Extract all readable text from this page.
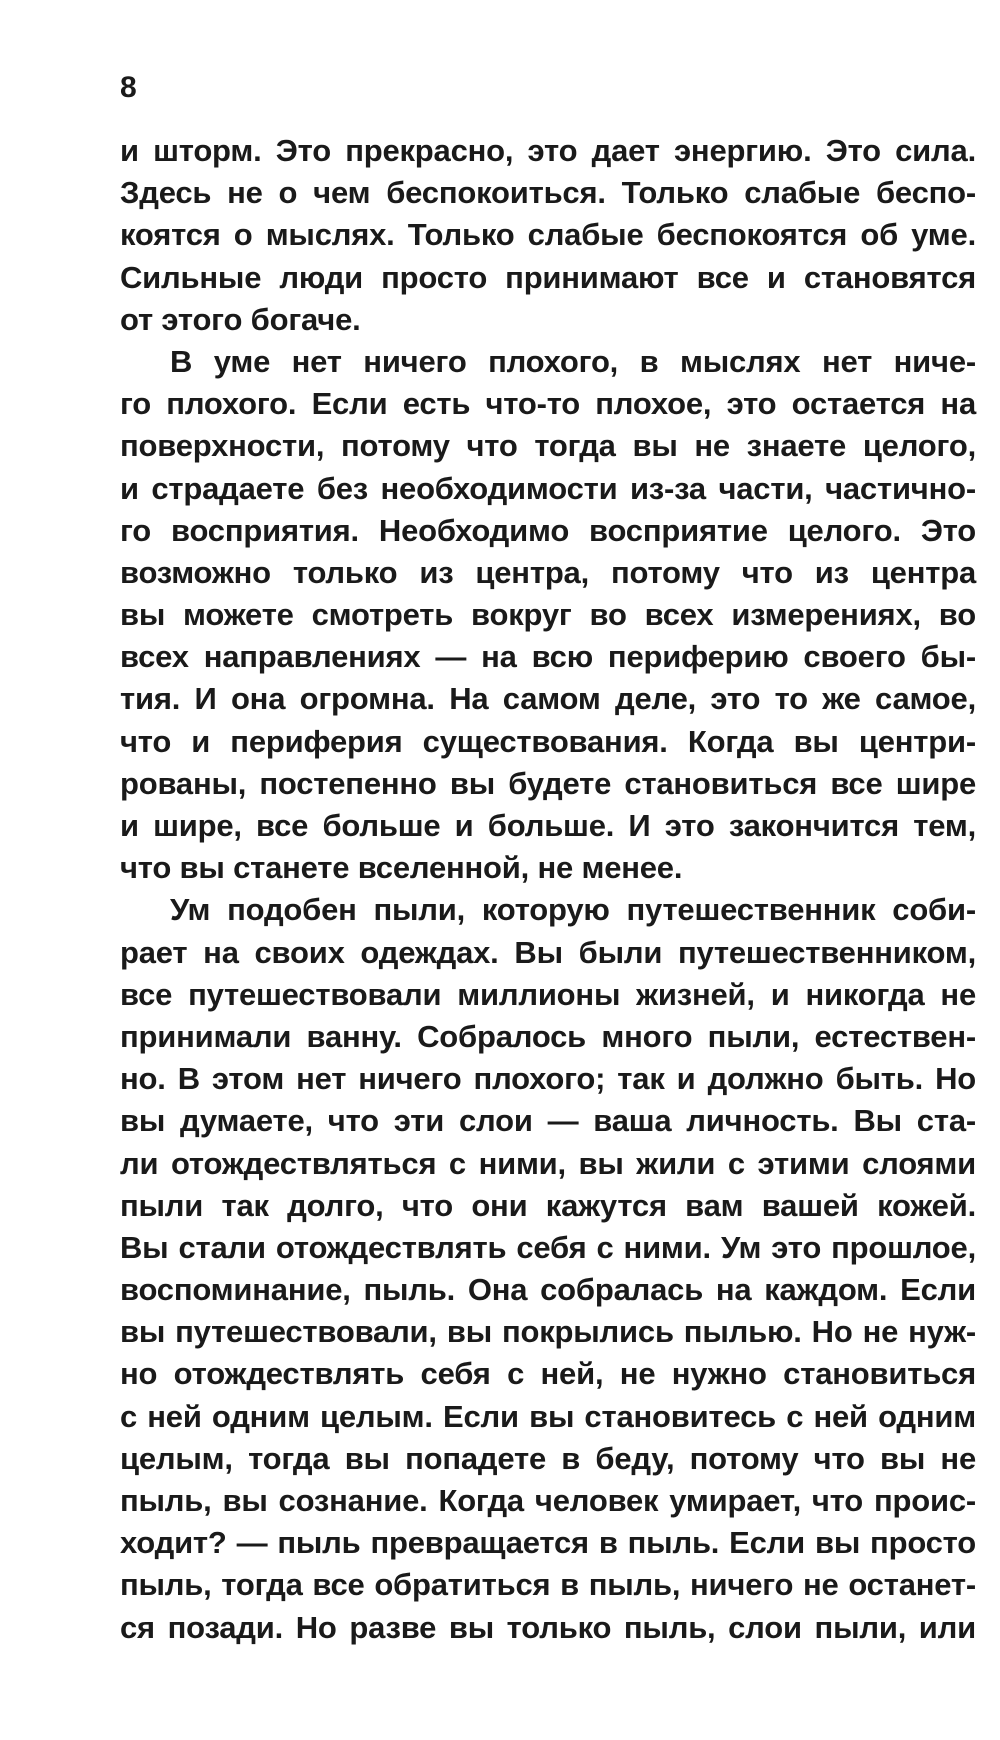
8
и шторм. Это прекрасно, это дает энергию. Это сила.
Здесь не о чем беспокоиться. Только слабые беспо-
коятся о мыслях. Только слабые беспокоятся об уме.
Сильные люди просто принимают все и становятся
от этого богаче.
В уме нет ничего плохого, в мыслях нет ниче-
го плохого. Если есть что-то плохое, это остается на
поверхности, потому что тогда вы не знаете целого,
и страдаете без необходимости из-за части, частично-
го восприятия. Необходимо восприятие целого. Это
возможно только из центра, потому что из центра
вы можете смотреть вокруг во всех измерениях, во
всех направлениях — на всю периферию своего бы-
тия. И она огромна. На самом деле, это то же самое,
что и периферия существования. Когда вы центри-
рованы, постепенно вы будете становиться все шире
и шире, все больше и больше. И это закончится тем,
что вы станете вселенной, не менее.
Ум подобен пыли, которую путешественник соби-
рает на своих одеждах. Вы были путешественником,
все путешествовали миллионы жизней, и никогда не
принимали ванну. Собралось много пыли, естествен-
но. В этом нет ничего плохого; так и должно быть. Но
вы думаете, что эти слои — ваша личность. Вы ста-
ли отождествляться с ними, вы жили с этими слоями
пыли так долго, что они кажутся вам вашей кожей.
Вы стали отождествлять себя с ними. Ум это прошлое,
воспоминание, пыль. Она собралась на каждом. Если
вы путешествовали, вы покрылись пылью. Но не нуж-
но отождествлять себя с ней, не нужно становиться
с ней одним целым. Если вы становитесь с ней одним
целым, тогда вы попадете в беду, потому что вы не
пыль, вы сознание. Когда человек умирает, что проис-
ходит? — пыль превращается в пыль. Если вы просто
пыль, тогда все обратиться в пыль, ничего не останет-
ся позади. Но разве вы только пыль, слои пыли, или
